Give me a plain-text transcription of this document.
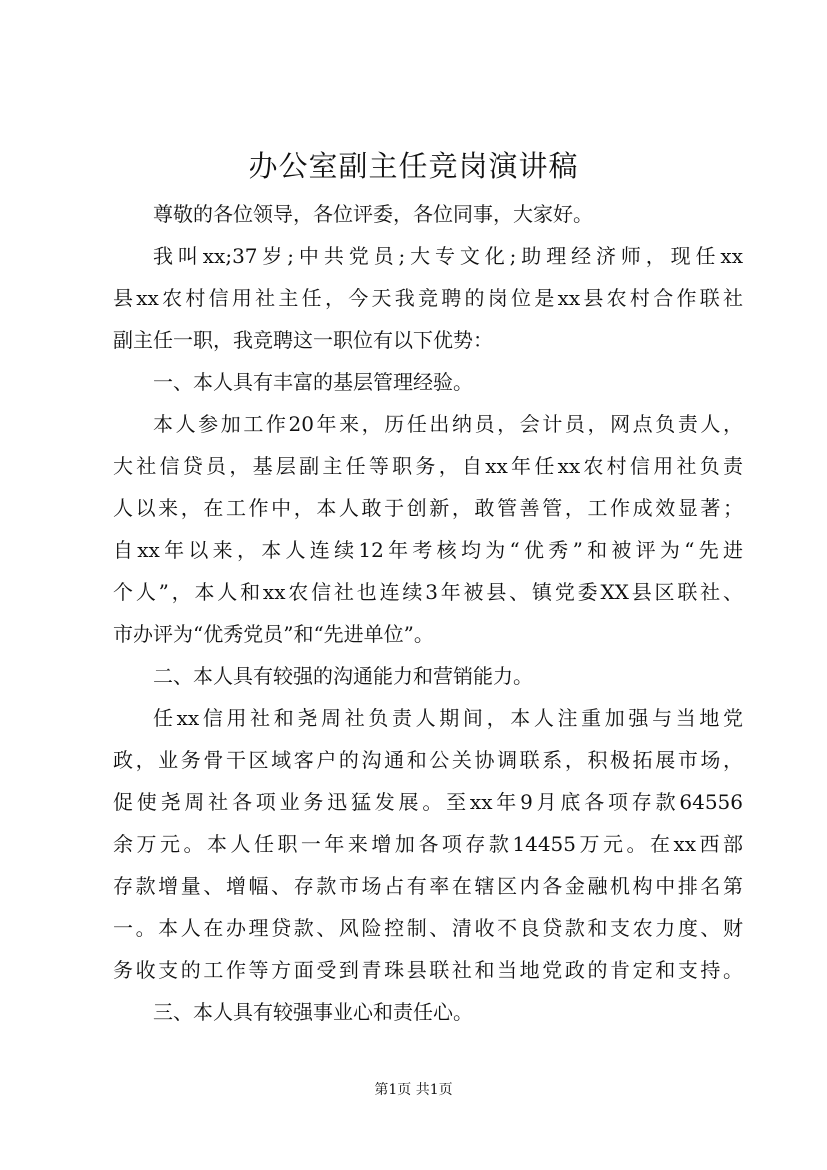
办公室副主任竞岗演讲稿
尊敬的各位领导，各位评委，各位同事，大家好。
我叫xx;37岁;中共党员;大专文化;助理经济师，现任xx
县xx农村信用社主任，今天我竞聘的岗位是xx县农村合作联社
副主任一职，我竞聘这一职位有以下优势：
一、本人具有丰富的基层管理经验。
本人参加工作20年来，历任出纳员，会计员，网点负责人，
大社信贷员，基层副主任等职务，自xx年任xx农村信用社负责
人以来，在工作中，本人敢于创新，敢管善管，工作成效显著；
自xx年以来，本人连续12年考核均为“优秀”和被评为“先进
个人”，本人和xx农信社也连续3年被县、镇党委XX县区联社、
市办评为“优秀党员”和“先进单位”。
二、本人具有较强的沟通能力和营销能力。
任xx信用社和尧周社负责人期间，本人注重加强与当地党
政，业务骨干区域客户的沟通和公关协调联系，积极拓展市场，
促使尧周社各项业务迅猛发展。至xx年9月底各项存款64556
余万元。本人任职一年来增加各项存款14455万元。在xx西部
存款增量、增幅、存款市场占有率在辖区内各金融机构中排名第
一。本人在办理贷款、风险控制、清收不良贷款和支农力度、财
务收支的工作等方面受到青珠县联社和当地党政的肯定和支持。
三、本人具有较强事业心和责任心。
第1页 共1页
